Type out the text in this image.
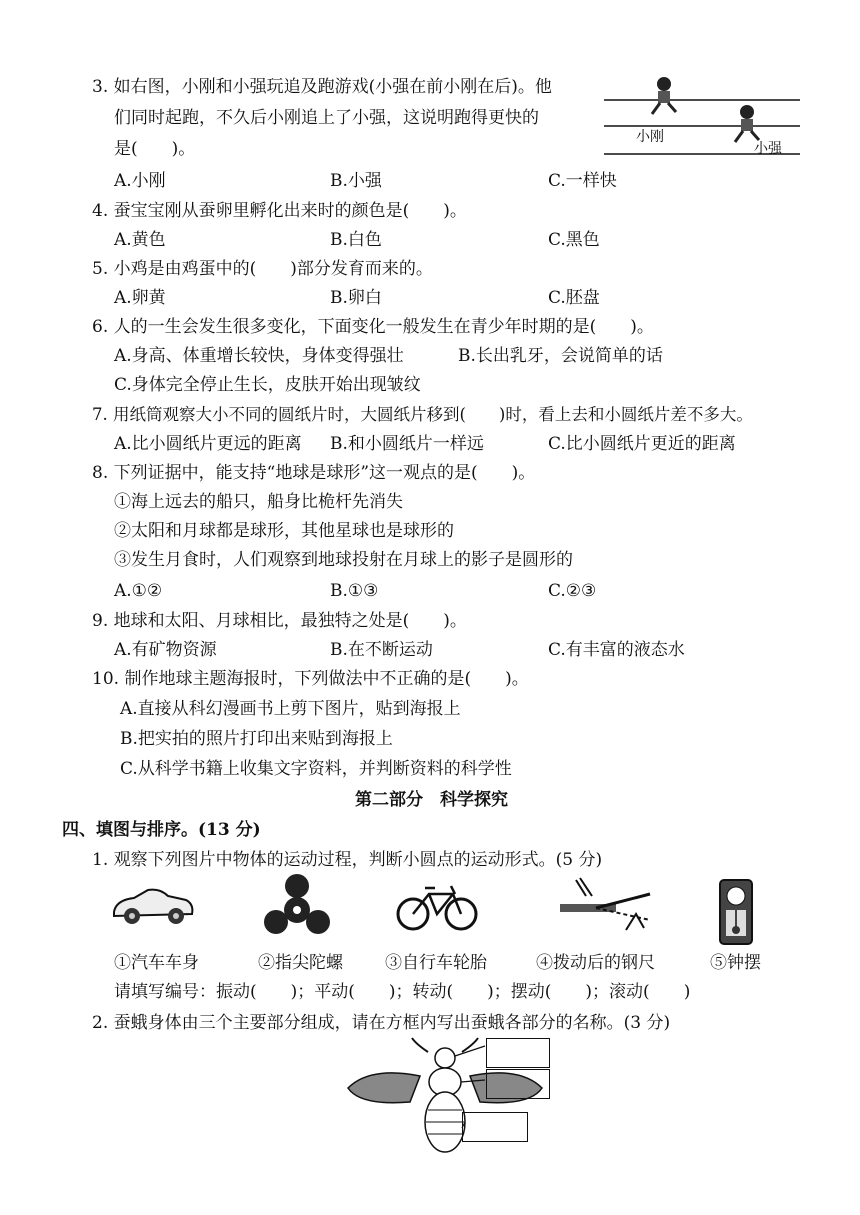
3. 如右图，小刚和小强玩追及跑游戏(小强在前小刚在后)。他
们同时起跑，不久后小刚追上了小强，这说明跑得更快的
是(　　)。
A.小刚	B.小强	C.一样快
小刚
小强
4. 蚕宝宝刚从蚕卵里孵化出来时的颜色是(　　)。
A.黄色	B.白色	C.黑色
5. 小鸡是由鸡蛋中的(　　)部分发育而来的。
A.卵黄	B.卵白	C.胚盘
6. 人的一生会发生很多变化，下面变化一般发生在青少年时期的是(　　)。
A.身高、体重增长较快，身体变得强壮	B.长出乳牙，会说简单的话
C.身体完全停止生长，皮肤开始出现皱纹
7. 用纸筒观察大小不同的圆纸片时，大圆纸片移到(　　)时，看上去和小圆纸片差不多大。
A.比小圆纸片更远的距离 B.和小圆纸片一样远	C.比小圆纸片更近的距离
8. 下列证据中，能支持“地球是球形”这一观点的是(　　)。
①海上远去的船只，船身比桅杆先消失
②太阳和月球都是球形，其他星球也是球形的
③发生月食时，人们观察到地球投射在月球上的影子是圆形的
A.①②	B.①③	C.②③
9. 地球和太阳、月球相比，最独特之处是(　　)。
A.有矿物资源	B.在不断运动	C.有丰富的液态水
10. 制作地球主题海报时，下列做法中不正确的是(　　)。
A.直接从科幻漫画书上剪下图片，贴到海报上
B.把实拍的照片打印出来贴到海报上
C.从科学书籍上收集文字资料，并判断资料的科学性
第二部分　科学探究
四、填图与排序。(13 分)
1. 观察下列图片中物体的运动过程，判断小圆点的运动形式。(5 分)
①汽车车身	②指尖陀螺 ③自行车轮胎	④拨动后的钢尺	⑤钟摆
请填写编号：振动(　　)；平动(　　)；转动(　　)；摆动(　　)；滚动(　　)
2. 蚕蛾身体由三个主要部分组成，请在方框内写出蚕蛾各部分的名称。(3 分)
